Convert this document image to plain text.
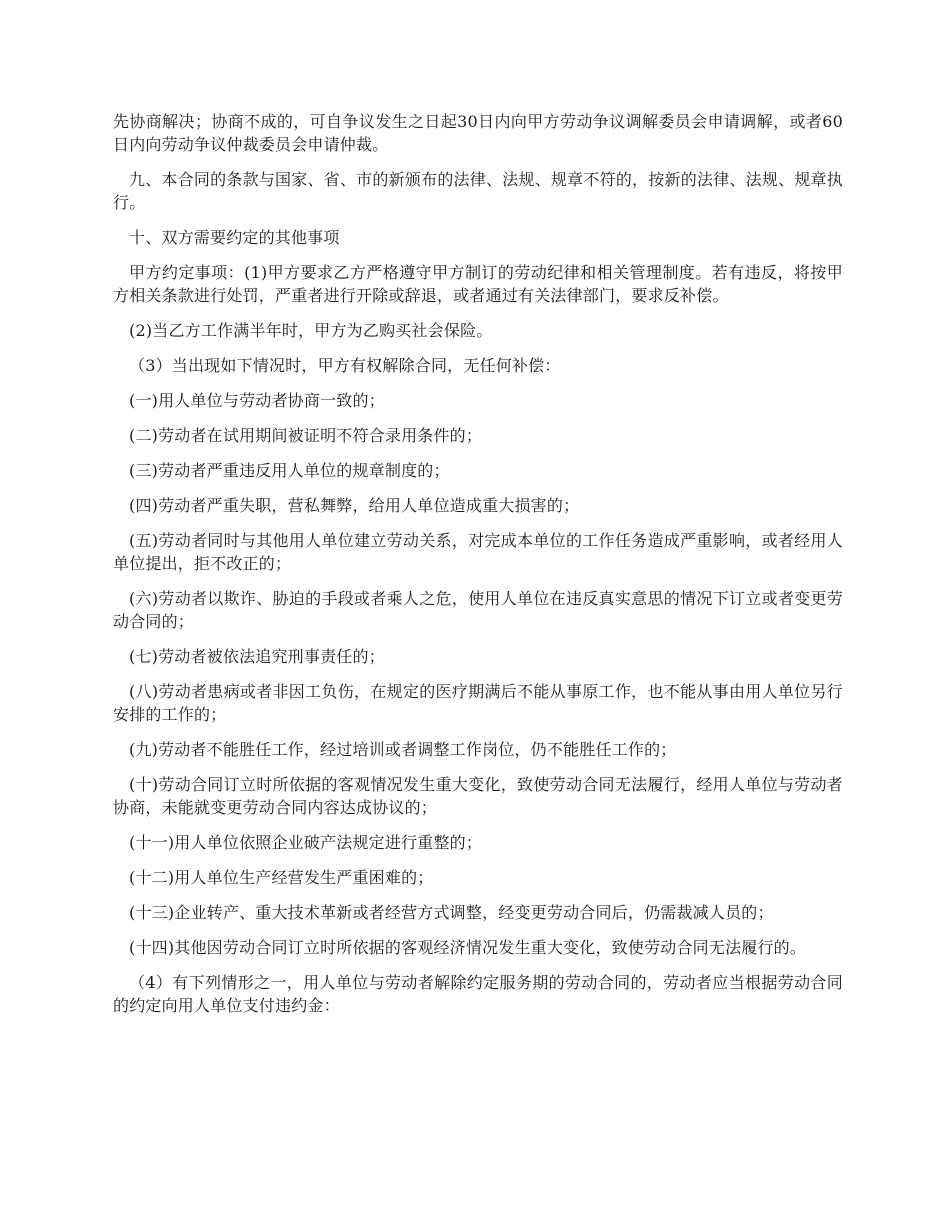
先协商解决；协商不成的，可自争议发生之日起30日内向甲方劳动争议调解委员会申请调解，或者60日内向劳动争议仲裁委员会申请仲裁。

九、本合同的条款与国家、省、市的新颁布的法律、法规、规章不符的，按新的法律、法规、规章执行。

十、双方需要约定的其他事项

甲方约定事项：(1)甲方要求乙方严格遵守甲方制订的劳动纪律和相关管理制度。若有违反，将按甲方相关条款进行处罚，严重者进行开除或辞退，或者通过有关法律部门，要求反补偿。

(2)当乙方工作满半年时，甲方为乙购买社会保险。

（3）当出现如下情况时，甲方有权解除合同，无任何补偿：

(一)用人单位与劳动者协商一致的；

(二)劳动者在试用期间被证明不符合录用条件的；

(三)劳动者严重违反用人单位的规章制度的；

(四)劳动者严重失职，营私舞弊，给用人单位造成重大损害的；

(五)劳动者同时与其他用人单位建立劳动关系，对完成本单位的工作任务造成严重影响，或者经用人单位提出，拒不改正的；

(六)劳动者以欺诈、胁迫的手段或者乘人之危，使用人单位在违反真实意思的情况下订立或者变更劳动合同的；

(七)劳动者被依法追究刑事责任的；

(八)劳动者患病或者非因工负伤，在规定的医疗期满后不能从事原工作，也不能从事由用人单位另行安排的工作的；

(九)劳动者不能胜任工作，经过培训或者调整工作岗位，仍不能胜任工作的；

(十)劳动合同订立时所依据的客观情况发生重大变化，致使劳动合同无法履行，经用人单位与劳动者协商，未能就变更劳动合同内容达成协议的；

(十一)用人单位依照企业破产法规定进行重整的；

(十二)用人单位生产经营发生严重困难的；

(十三)企业转产、重大技术革新或者经营方式调整，经变更劳动合同后，仍需裁减人员的；

(十四)其他因劳动合同订立时所依据的客观经济情况发生重大变化，致使劳动合同无法履行的。

（4）有下列情形之一，用人单位与劳动者解除约定服务期的劳动合同的，劳动者应当根据劳动合同的约定向用人单位支付违约金：
